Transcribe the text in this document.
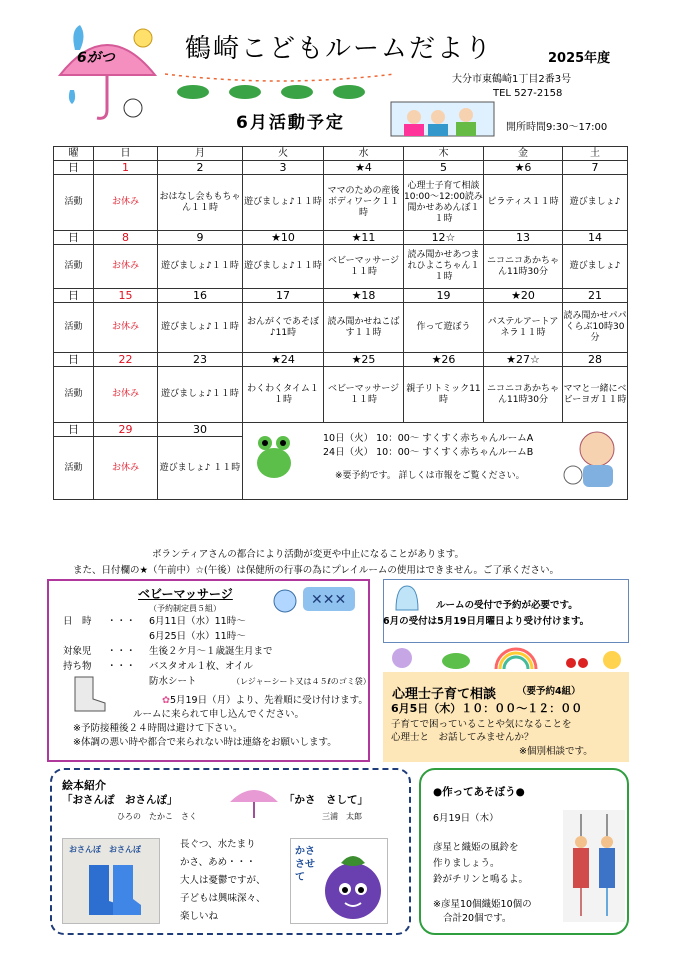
6がつ	鶴崎こどもルームだより	2025年度
大分市東鶴崎1丁目2番3号
TEL 527-2158
6月活動予定	開所時間9:30～17:00
曜	日	月	火	水	木	金	土
日	1	2	3	★4	5	★6	7
活動	お休み	おはなし会ももちゃん１１時	遊びましょ♪１１時	ママのための産後ボディワーク１１時	心理士子育て相談10:00～12:00読み聞かせあめんぼ１１時	ピラティス１１時	遊びましょ♪
日	8	9	★10	★11	12☆	13	14
活動	お休み	遊びましょ♪１１時	遊びましょ♪１１時	ベビーマッサージ１１時	読み聞かせあつまれひよこちゃん１１時	ニコニコあかちゃん11時30分	遊びましょ♪
日	15	16	17	★18	19	★20	21
活動	お休み	遊びましょ♪１１時	おんがくであそぼ♪11時	読み聞かせねこばす１１時	作って遊ぼう	パステルアートアネラ１１時	読み聞かせパパくらぶ10時30分
日	22	23	★24	★25	★26	★27☆	28
活動	お休み	遊びましょ♪１１時	わくわくタイム１１時	ベビーマッサージ１１時	親子リトミック11時	ニコニコあかちゃん11時30分	ママと一緒にベビーヨガ１１時
日	29	30	10日（火） 10：00～ すくすく赤ちゃんルームA
24日（火） 10：00～ すくすく赤ちゃんルームB
※要予約です。 詳しくは市報をご覧ください。				

活動	お休み	遊びましょ♪ １１時					
ボランティアさんの都合により活動が変更や中止になることがあります。
また、日付欄の★（午前中）☆(午後）は保健所の行事の為にプレイルームの使用はできません。ご了承ください。
ベビーマッサージ
（予約制定員５組）
✕✕✕
日　時 ・・・ 6月11日（水）11時～
6月25日（水）11時～
対象児 ・・・ 生後２ケ月～１歳誕生月まで
持ち物 ・・・ バスタオル１枚、オイル
防水シート	（レジャーシート又は４５ℓのゴミ袋）
✿5月19日（月）より、先着順に受け付けます。
ルームに来られて申し込んでください。
※予防接種後２４時間は避けて下さい。
※体調の悪い時や都合で来られない時は連絡をお願いします。
ルームの受付で予約が必要です。
6月の受付は5月19日月曜日より受け付けます。
心理士子育て相談 （要予約4組）
6月5日（木）１０：００～１２：００
子育てで困っていることや気になることを
心理士と　お話してみませんか？
※個別相談です。
絵本紹介
「おさんぽ　おさんぽ」
ひろの　たかこ　さく
「かさ　さして」
三浦　太郎
おさんぽ　おさんぽ	長ぐつ、水たまり
かさ、あめ・・・
大人は憂鬱ですが、
子どもは興味深々、
楽しいね
かさ させて
●作ってあそぼう●
6月19日（木）
彦星と織姫の風鈴を
作りましょう。
鈴がチリンと鳴るよ。
※彦星10個織姫10個の
合計20個です。
